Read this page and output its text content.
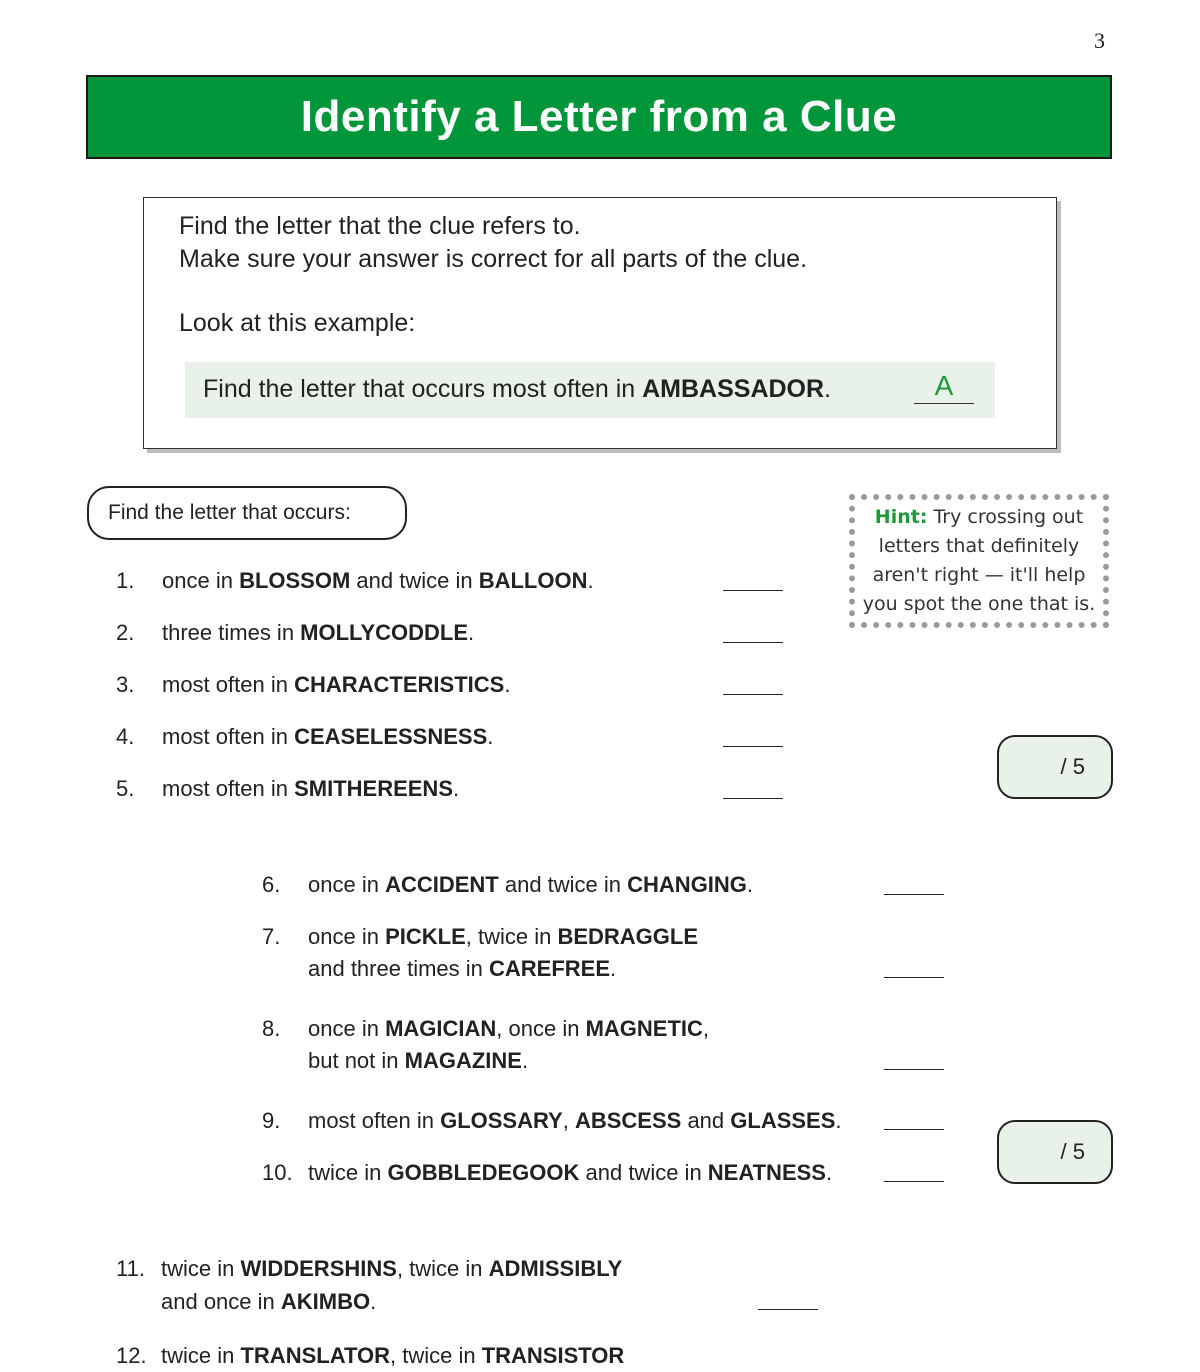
3
Identify a Letter from a Clue
Find the letter that the clue refers to.
Make sure your answer is correct for all parts of the clue.
Look at this example:
Find the letter that occurs most often in AMBASSADOR.	A
Find the letter that occurs:	Hint: Try crossing out
letters that definitely
aren't right — it'll help
you spot the one that is.
1. once in BLOSSOM and twice in BALLOON.
2. three times in MOLLYCODDLE.
3. most often in CHARACTERISTICS.
4. most often in CEASELESSNESS.
5. most often in SMITHEREENS.
/ 5
6. once in ACCIDENT and twice in CHANGING.
7. once in PICKLE, twice in BEDRAGGLE
and three times in CAREFREE.
8. once in MAGICIAN, once in MAGNETIC,
but not in MAGAZINE.
9. most often in GLOSSARY, ABSCESS and GLASSES.
10. twice in GOBBLEDEGOOK and twice in NEATNESS.
/ 5
11. twice in WIDDERSHINS, twice in ADMISSIBLY
and once in AKIMBO.
12. twice in TRANSLATOR, twice in TRANSISTOR
